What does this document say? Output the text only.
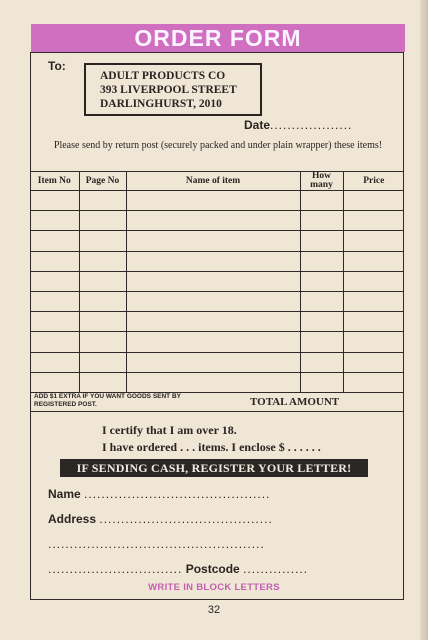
ORDER FORM
To:
ADULT PRODUCTS CO
393 LIVERPOOL STREET
DARLINGHURST, 2010
Date...................
Please send by return post (securely packed and under plain wrapper) these items!
Item No	Page No	Name of item	How many	Price

ADD $1 EXTRA IF YOU WANT GOODS SENT BY REGISTERED POST.	TOTAL AMOUNT
I certify that I am over 18.
I have ordered . . . items. I enclose $ . . . . . .
IF SENDING CASH, REGISTER YOUR LETTER!
Name ...........................................
Address ........................................
..................................................
............................... Postcode ...............
WRITE IN BLOCK LETTERS
32
